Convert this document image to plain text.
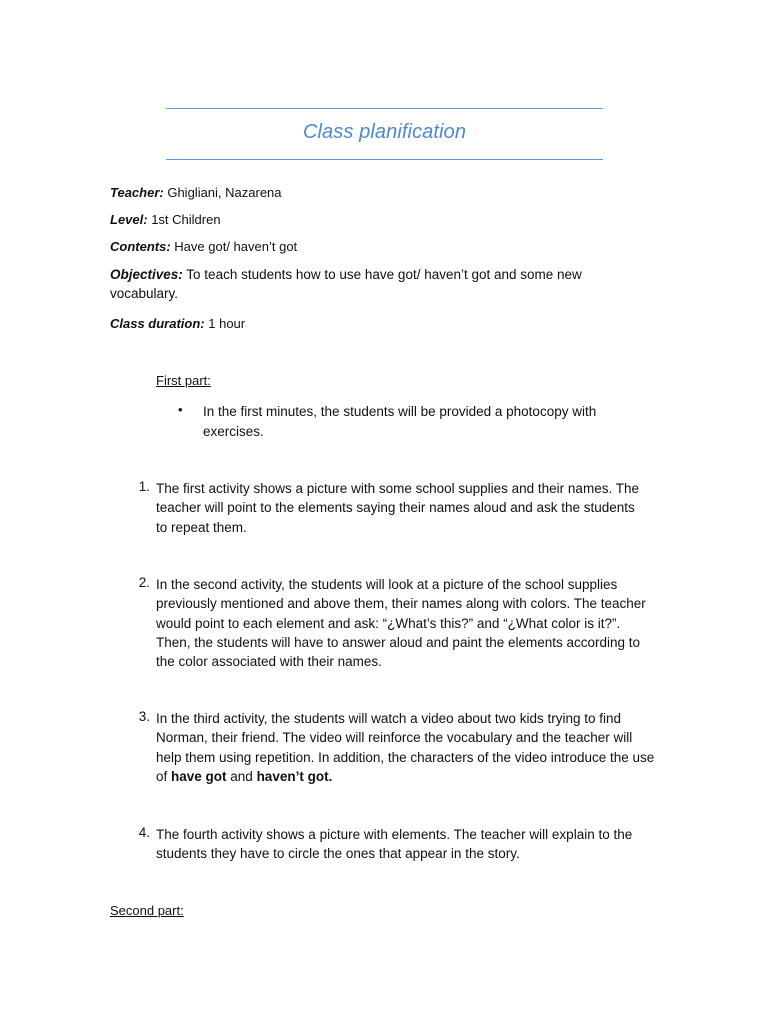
Class planification
Teacher: Ghigliani, Nazarena
Level: 1st Children
Contents: Have got/ haven’t got
Objectives: To teach students how to use have got/ haven’t got and some new vocabulary.
Class duration: 1 hour
First part:
•	In the first minutes, the students will be provided a photocopy with exercises.
1. The first activity shows a picture with some school supplies and their names. The teacher will point to the elements saying their names aloud and ask the students to repeat them.
2. In the second activity, the students will look at a picture of the school supplies previously mentioned and above them, their names along with colors. The teacher would point to each element and ask: “¿What’s this?” and “¿What color is it?”. Then, the students will have to answer aloud and paint the elements according to the color associated with their names.
3. In the third activity, the students will watch a video about two kids trying to find Norman, their friend. The video will reinforce the vocabulary and the teacher will help them using repetition. In addition, the characters of the video introduce the use of have got and haven’t got.
4. The fourth activity shows a picture with elements. The teacher will explain to the students they have to circle the ones that appear in the story.
Second part:
